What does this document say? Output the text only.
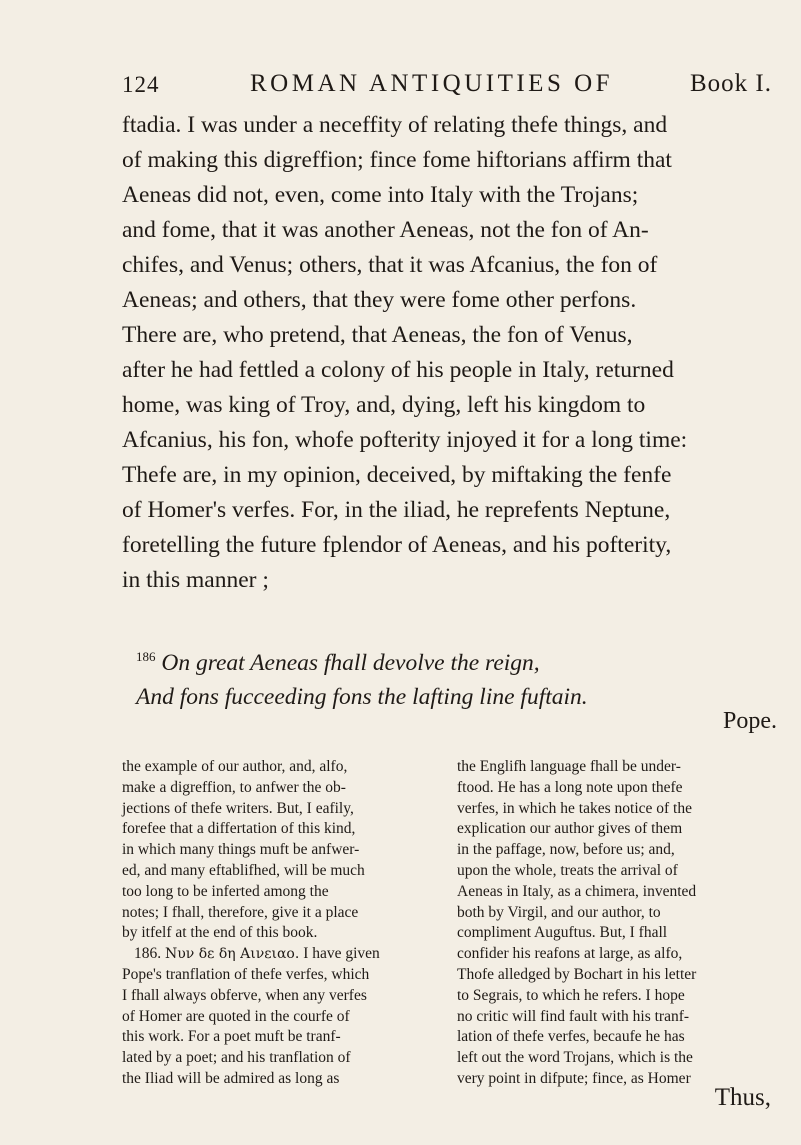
124	ROMAN ANTIQUITIES OF	Book I.
ftadia. I was under a neceffity of relating thefe things, and
of making this digreffion; fince fome hiftorians affirm that
Aeneas did not, even, come into Italy with the Trojans;
and fome, that it was another Aeneas, not the fon of An-
chifes, and Venus; others, that it was Afcanius, the fon of
Aeneas; and others, that they were fome other perfons.
There are, who pretend, that Aeneas, the fon of Venus,
after he had fettled a colony of his people in Italy, returned
home, was king of Troy, and, dying, left his kingdom to
Afcanius, his fon, whofe pofterity injoyed it for a long time:
Thefe are, in my opinion, deceived, by miftaking the fenfe
of Homer's verfes. For, in the iliad, he reprefents Neptune,
foretelling the future fplendor of Aeneas, and his pofterity,
in this manner ;
$^{186}$ On great Aeneas fhall devolve the reign,
And fons fucceeding fons the lafting line fuftain.
Pope.
the example of our author, and, alfo,
make a digreffion, to anfwer the ob-
jections of thefe writers. But, I eafily,
forefee that a differtation of this kind,
in which many things muft be anfwer-
ed, and many eftablifhed, will be much
too long to be inferted among the
notes; I fhall, therefore, give it a place
by itfelf at the end of this book.
186. Νυν δε δη Αινειαο. I have given
Pope's tranflation of thefe verfes, which
I fhall always obferve, when any verfes
of Homer are quoted in the courfe of
this work. For a poet muft be tranf-
lated by a poet; and his tranflation of
the Iliad will be admired as long as
the Englifh language fhall be under-
ftood. He has a long note upon thefe
verfes, in which he takes notice of the
explication our author gives of them
in the paffage, now, before us; and,
upon the whole, treats the arrival of
Aeneas in Italy, as a chimera, invented
both by Virgil, and our author, to
compliment Auguftus. But, I fhall
confider his reafons at large, as alfo,
Thofe alledged by Bochart in his letter
to Segrais, to which he refers. I hope
no critic will find fault with his tranf-
lation of thefe verfes, becaufe he has
left out the word Trojans, which is the
very point in difpute; fince, as Homer
Thus,
